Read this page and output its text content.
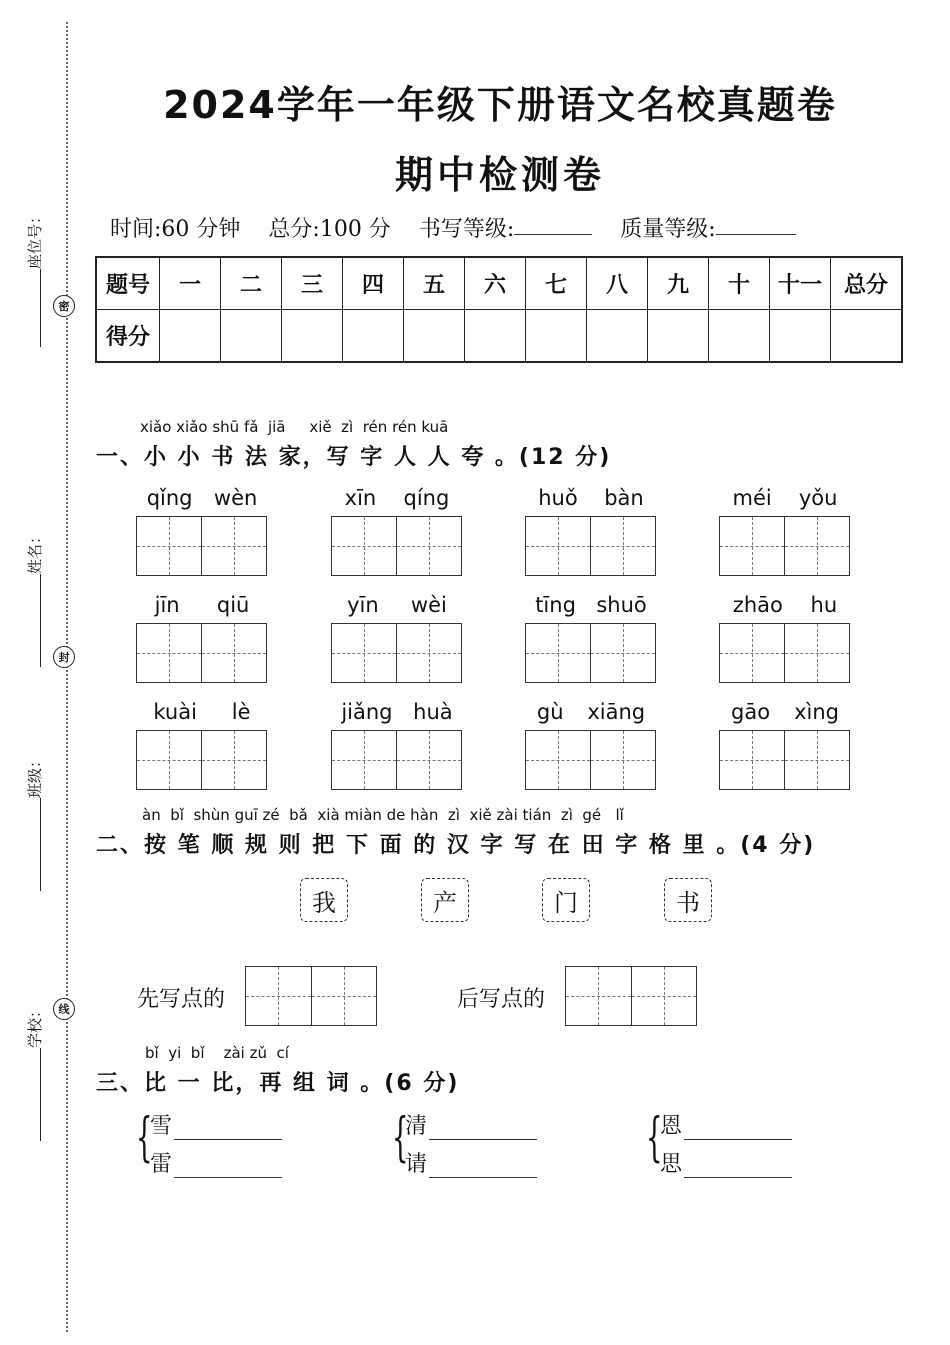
密
封
线
座位号：
姓名：
班级：
学校：
2024学年一年级下册语文名校真题卷
期中检测卷
时间:60 分钟 总分:100 分 书写等级:	质量等级:
题号	一	二	三	四	五	六	七	八	九	十	十一	总分
得分												
xiǎo xiǎo shū fǎ  jiā     xiě  zì  rén rén kuā
一、小 小 书 法 家，写 字 人 人 夸 。(12 分)
qǐng wèn	xīn qíng	huǒ bàn	méi yǒu
jīn qiū	yīn wèi	tīng shuō	zhāo hu
kuài lè	jiǎng huà	gù xiāng	gāo xìng
àn  bǐ  shùn guī zé  bǎ  xià miàn de hàn  zì  xiě zài tián  zì  gé   lǐ
二、按 笔 顺 规 则 把 下 面 的 汉 字 写 在 田 字 格 里 。(4 分)
我	产	门	书
先写点的	后写点的
bǐ  yi  bǐ    zài zǔ  cí
三、比 一 比，再 组 词 。(6 分)
{
雪
雷	{
清
请	{
恩
思
